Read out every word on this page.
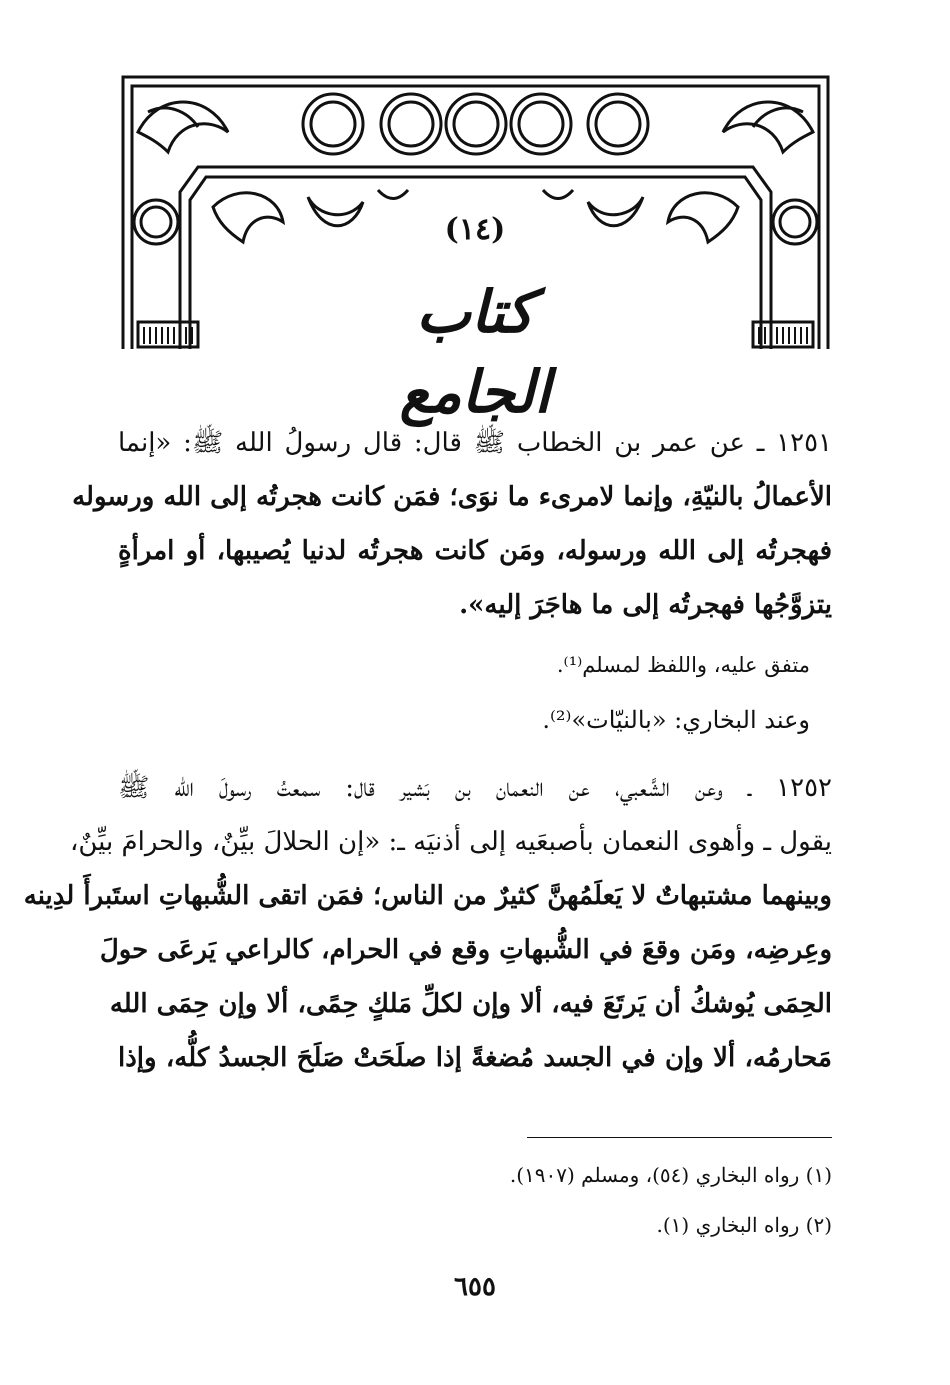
(١٤)
كتاب الجامع
١٢٥١ ـ عن عمر بن الخطاب ﷺ قال: قال رسولُ الله ﷺ: «إنما
الأعمالُ بالنيّةِ، وإنما لامرىء ما نوَى؛ فمَن كانت هجرتُه إلى الله ورسوله
فهجرتُه إلى الله ورسوله، ومَن كانت هجرتُه لدنيا يُصيبها، أو امرأةٍ
يتزوَّجُها فهجرتُه إلى ما هاجَرَ إليه».
متفق عليه، واللفظ لمسلم⁽¹⁾.
وعند البخاري: «بالنيّات»⁽²⁾.
١٢٥٢ ـ وعن الشَّعبي، عن النعمان بن بَشير قال: سمعتُ رسولَ الله ﷺ
يقول ـ وأهوى النعمان بأصبعَيه إلى أذنيَه ـ: «إن الحلالَ بيِّنٌ، والحرامَ بيِّنٌ،
وبينهما مشتبهاتٌ لا يَعلَمُهنَّ كثيرٌ من الناس؛ فمَن اتقى الشُّبهاتِ استَبرأَ لدِينه
وعِرضِه، ومَن وقعَ في الشُّبهاتِ وقع في الحرام، كالراعي يَرعَى حولَ
الحِمَى يُوشكُ أن يَرتَعَ فيه، ألا وإن لكلِّ مَلكٍ حِمًى، ألا وإن حِمَى الله
مَحارمُه، ألا وإن في الجسد مُضغةً إذا صلَحَتْ صَلَحَ الجسدُ كلُّه، وإذا
(١) رواه البخاري (٥٤)، ومسلم (١٩٠٧).
(٢) رواه البخاري (١).
٦٥٥
